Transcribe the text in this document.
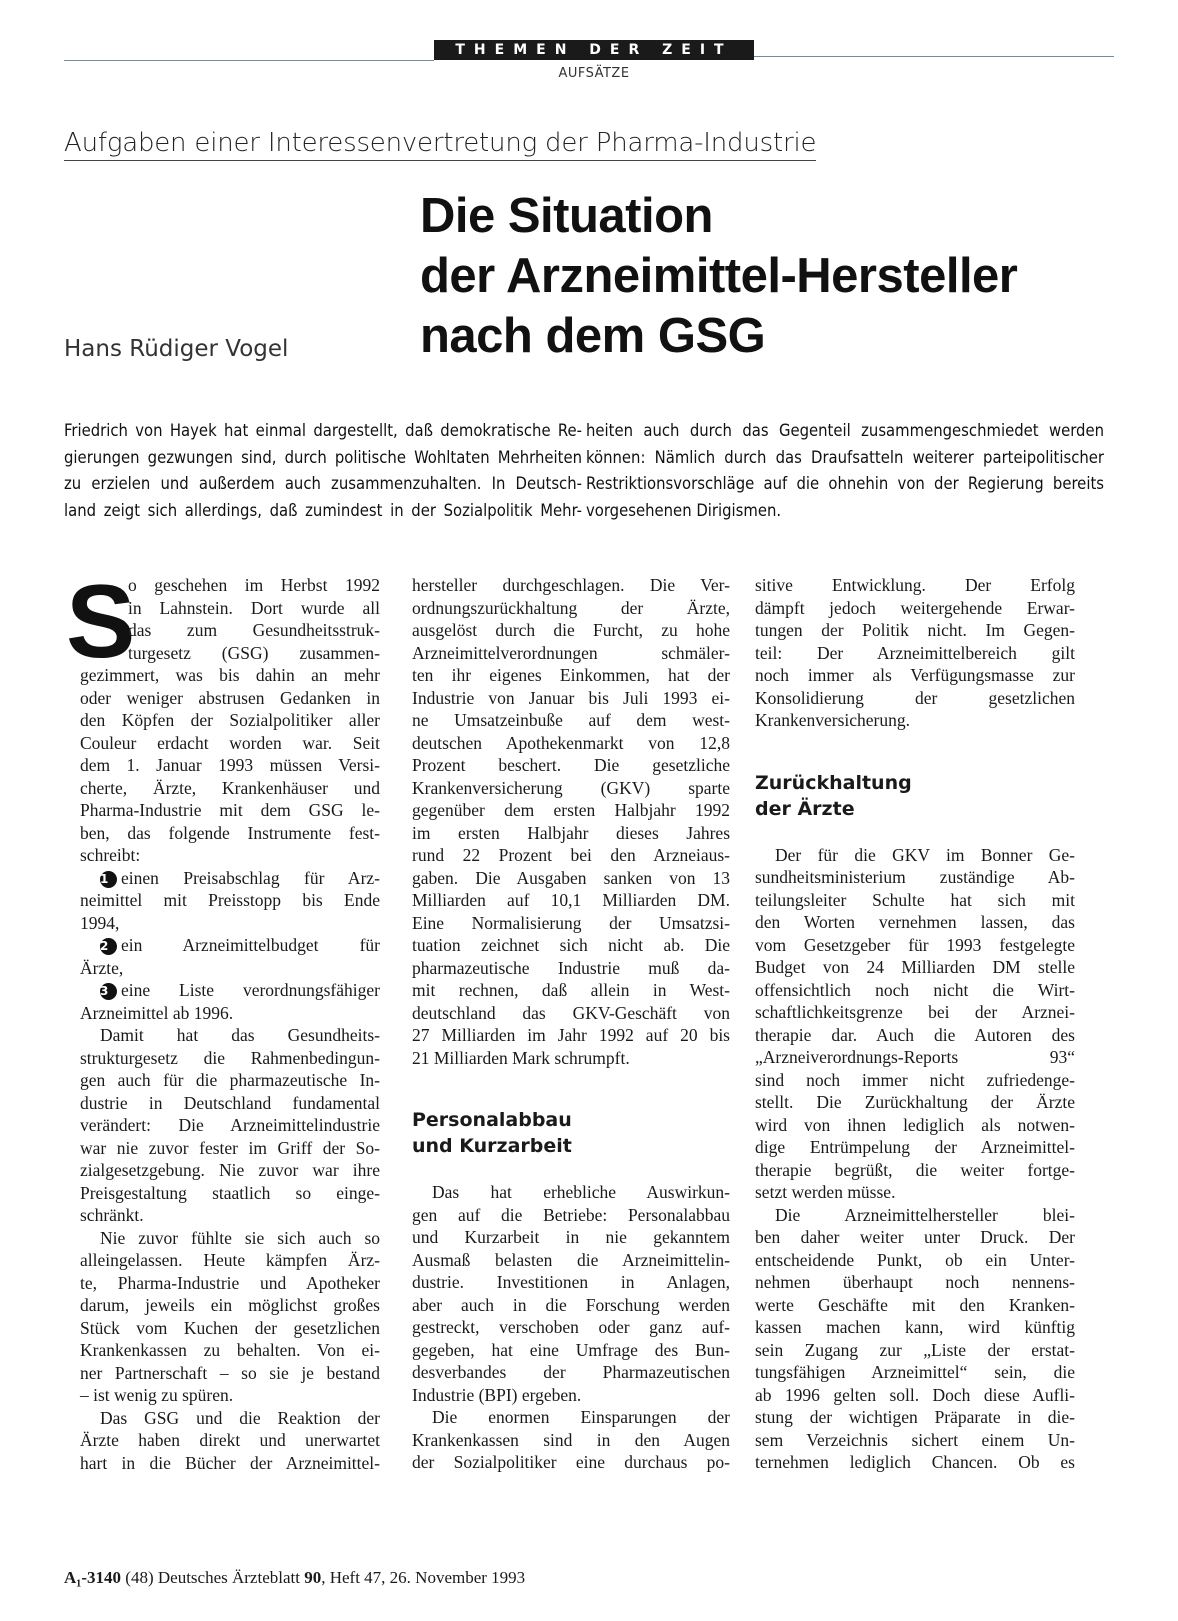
THEMEN DER ZEIT
AUFSÄTZE
Aufgaben einer Interessenvertretung der Pharma-Industrie
Die Situation
der Arzneimittel-Hersteller
nach dem GSG
Hans Rüdiger Vogel
Friedrich von Hayek hat einmal dargestellt, daß demokratische Re-
gierungen gezwungen sind, durch politische Wohltaten Mehrheiten
zu erzielen und außerdem auch zusammenzuhalten. In Deutsch-
land zeigt sich allerdings, daß zumindest in der Sozialpolitik Mehr-
heiten auch durch das Gegenteil zusammengeschmiedet werden
können: Nämlich durch das Draufsatteln weiterer parteipolitischer
Restriktionsvorschläge auf die ohnehin von der Regierung bereits
vorgesehenen Dirigismen.
S
o geschehen im Herbst 1992
in Lahnstein. Dort wurde all
das zum Gesundheitsstruk-
turgesetz (GSG) zusammen-
gezimmert, was bis dahin an mehr
oder weniger abstrusen Gedanken in
den Köpfen der Sozialpolitiker aller
Couleur erdacht worden war. Seit
dem 1. Januar 1993 müssen Versi-
cherte, Ärzte, Krankenhäuser und
Pharma-Industrie mit dem GSG le-
ben, das folgende Instrumente fest-
schreibt:
1 einen Preisabschlag für Arz-
neimittel mit Preisstopp bis Ende
1994,
2 ein Arzneimittelbudget für
Ärzte,
3 eine Liste verordnungsfähiger
Arzneimittel ab 1996.
Damit hat das Gesundheits-
strukturgesetz die Rahmenbedingun-
gen auch für die pharmazeutische In-
dustrie in Deutschland fundamental
verändert: Die Arzneimittelindustrie
war nie zuvor fester im Griff der So-
zialgesetzgebung. Nie zuvor war ihre
Preisgestaltung staatlich so einge-
schränkt.
Nie zuvor fühlte sie sich auch so
alleingelassen. Heute kämpfen Ärz-
te, Pharma-Industrie und Apotheker
darum, jeweils ein möglichst großes
Stück vom Kuchen der gesetzlichen
Krankenkassen zu behalten. Von ei-
ner Partnerschaft – so sie je bestand
– ist wenig zu spüren.
Das GSG und die Reaktion der
Ärzte haben direkt und unerwartet
hart in die Bücher der Arzneimittel-
hersteller durchgeschlagen. Die Ver-
ordnungszurückhaltung der Ärzte,
ausgelöst durch die Furcht, zu hohe
Arzneimittelverordnungen schmäler-
ten ihr eigenes Einkommen, hat der
Industrie von Januar bis Juli 1993 ei-
ne Umsatzeinbuße auf dem west-
deutschen Apothekenmarkt von 12,8
Prozent beschert. Die gesetzliche
Krankenversicherung (GKV) sparte
gegenüber dem ersten Halbjahr 1992
im ersten Halbjahr dieses Jahres
rund 22 Prozent bei den Arzneiaus-
gaben. Die Ausgaben sanken von 13
Milliarden auf 10,1 Milliarden DM.
Eine Normalisierung der Umsatzsi-
tuation zeichnet sich nicht ab. Die
pharmazeutische Industrie muß da-
mit rechnen, daß allein in West-
deutschland das GKV-Geschäft von
27 Milliarden im Jahr 1992 auf 20 bis
21 Milliarden Mark schrumpft.
Personalabbau
und Kurzarbeit
Das hat erhebliche Auswirkun-
gen auf die Betriebe: Personalabbau
und Kurzarbeit in nie gekanntem
Ausmaß belasten die Arzneimittelin-
dustrie. Investitionen in Anlagen,
aber auch in die Forschung werden
gestreckt, verschoben oder ganz auf-
gegeben, hat eine Umfrage des Bun-
desverbandes der Pharmazeutischen
Industrie (BPI) ergeben.
Die enormen Einsparungen der
Krankenkassen sind in den Augen
der Sozialpolitiker eine durchaus po-
sitive Entwicklung. Der Erfolg
dämpft jedoch weitergehende Erwar-
tungen der Politik nicht. Im Gegen-
teil: Der Arzneimittelbereich gilt
noch immer als Verfügungsmasse zur
Konsolidierung der gesetzlichen
Krankenversicherung.
Zurückhaltung
der Ärzte
Der für die GKV im Bonner Ge-
sundheitsministerium zuständige Ab-
teilungsleiter Schulte hat sich mit
den Worten vernehmen lassen, das
vom Gesetzgeber für 1993 festgelegte
Budget von 24 Milliarden DM stelle
offensichtlich noch nicht die Wirt-
schaftlichkeitsgrenze bei der Arznei-
therapie dar. Auch die Autoren des
„Arzneiverordnungs-Reports 93“
sind noch immer nicht zufriedenge-
stellt. Die Zurückhaltung der Ärzte
wird von ihnen lediglich als notwen-
dige Entrümpelung der Arzneimittel-
therapie begrüßt, die weiter fortge-
setzt werden müsse.
Die Arzneimittelhersteller blei-
ben daher weiter unter Druck. Der
entscheidende Punkt, ob ein Unter-
nehmen überhaupt noch nennens-
werte Geschäfte mit den Kranken-
kassen machen kann, wird künftig
sein Zugang zur „Liste der erstat-
tungsfähigen Arzneimittel“ sein, die
ab 1996 gelten soll. Doch diese Aufli-
stung der wichtigen Präparate in die-
sem Verzeichnis sichert einem Un-
ternehmen lediglich Chancen. Ob es
A₁-3140 (48) Deutsches Ärzteblatt 90, Heft 47, 26. November 1993
